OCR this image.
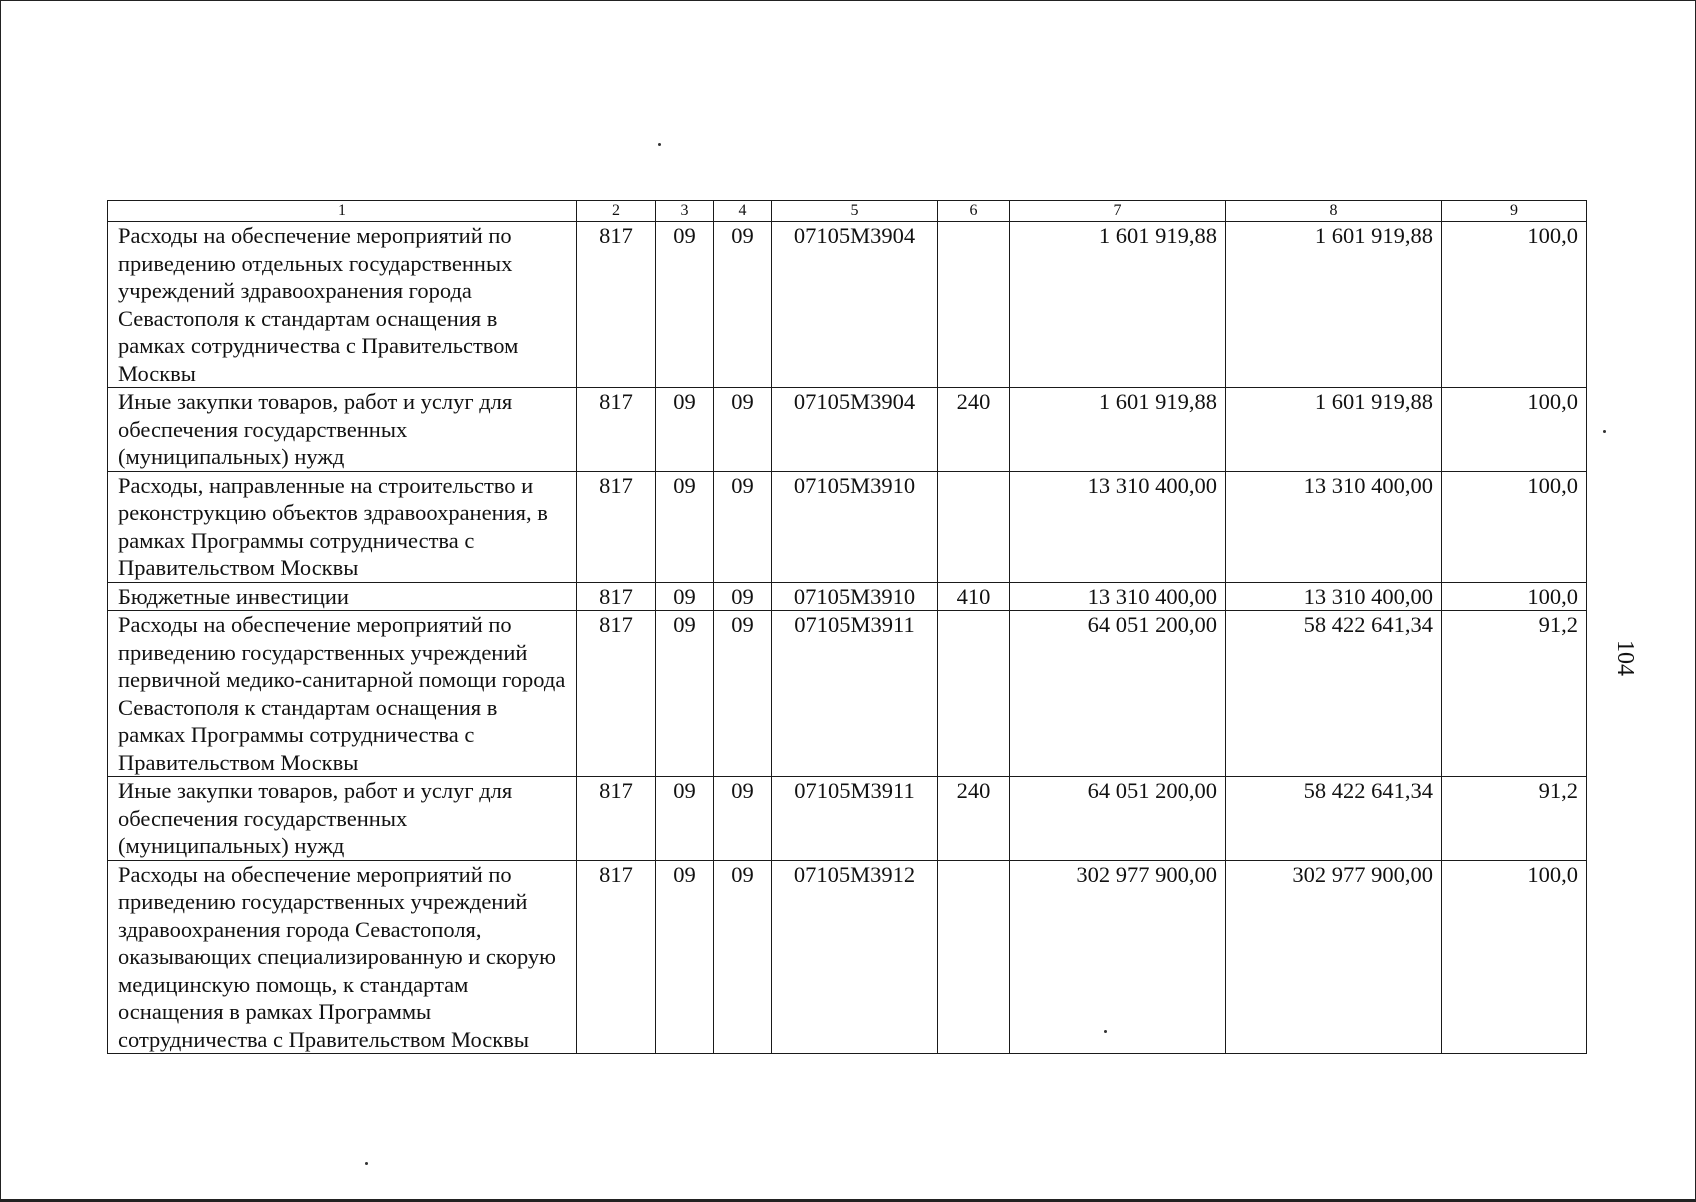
1	2	3	4	5	6	7	8	9
Расходы на обеспечение мероприятий по приведению отдельных государственных учреждений здравоохранения города Севастополя к стандартам оснащения в рамках сотрудничества с Правительством Москвы	817	09	09	07105М3904		1 601 919,88	1 601 919,88	100,0
Иные закупки товаров, работ и услуг для обеспечения государственных (муниципальных) нужд	817	09	09	07105М3904	240	1 601 919,88	1 601 919,88	100,0
Расходы, направленные на строительство и реконструкцию объектов здравоохранения, в рамках Программы сотрудничества с Правительством Москвы	817	09	09	07105М3910		13 310 400,00	13 310 400,00	100,0
Бюджетные инвестиции	817	09	09	07105М3910	410	13 310 400,00	13 310 400,00	100,0
Расходы на обеспечение мероприятий по приведению государственных учреждений первичной медико-санитарной помощи города Севастополя к стандартам оснащения в рамках Программы сотрудничества с Правительством Москвы	817	09	09	07105М3911		64 051 200,00	58 422 641,34	91,2
Иные закупки товаров, работ и услуг для обеспечения государственных (муниципальных) нужд	817	09	09	07105М3911	240	64 051 200,00	58 422 641,34	91,2
Расходы на обеспечение мероприятий по приведению государственных учреждений здравоохранения города Севастополя, оказывающих специализированную и скорую медицинскую помощь, к стандартам оснащения в рамках Программы сотрудничества с Правительством Москвы	817	09	09	07105М3912		302 977 900,00	302 977 900,00	100,0
104
